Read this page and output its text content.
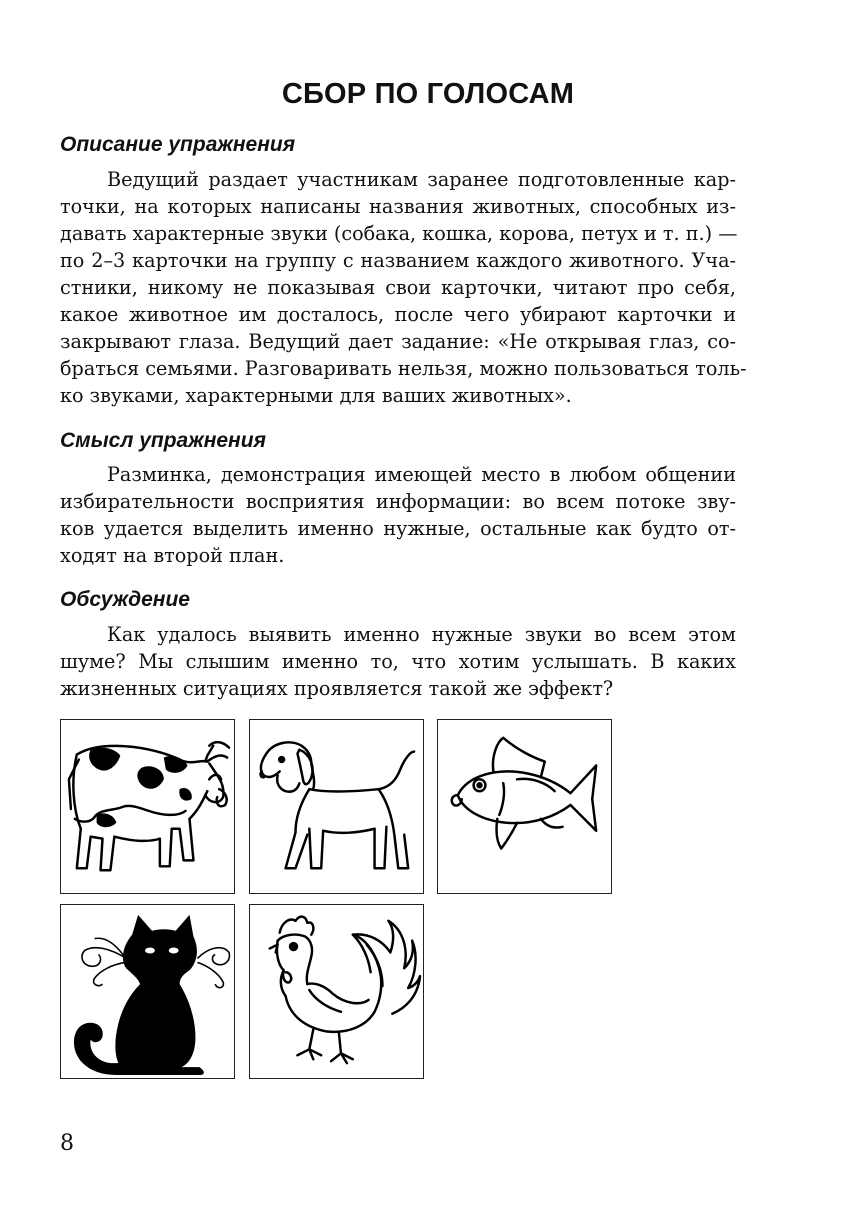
СБОР ПО ГОЛОСАМ
Описание упражнения
Ведущий раздает участникам заранее подготовленные кар-
точки, на которых написаны названия животных, способных из-
давать характерные звуки (собака, кошка, корова, петух и т. п.) —
по 2–3 карточки на группу с названием каждого животного. Уча-
стники, никому не показывая свои карточки, читают про себя,
какое животное им досталось, после чего убирают карточки и
закрывают глаза. Ведущий дает задание: «Не открывая глаз, со-
браться семьями. Разговаривать нельзя, можно пользоваться толь-
ко звуками, характерными для ваших животных».
Смысл упражнения
Разминка, демонстрация имеющей место в любом общении
избирательности восприятия информации: во всем потоке зву-
ков удается выделить именно нужные, остальные как будто от-
ходят на второй план.
Обсуждение
Как удалось выявить именно нужные звуки во всем этом
шуме? Мы слышим именно то, что хотим услышать. В каких
жизненных ситуациях проявляется такой же эффект?
8
